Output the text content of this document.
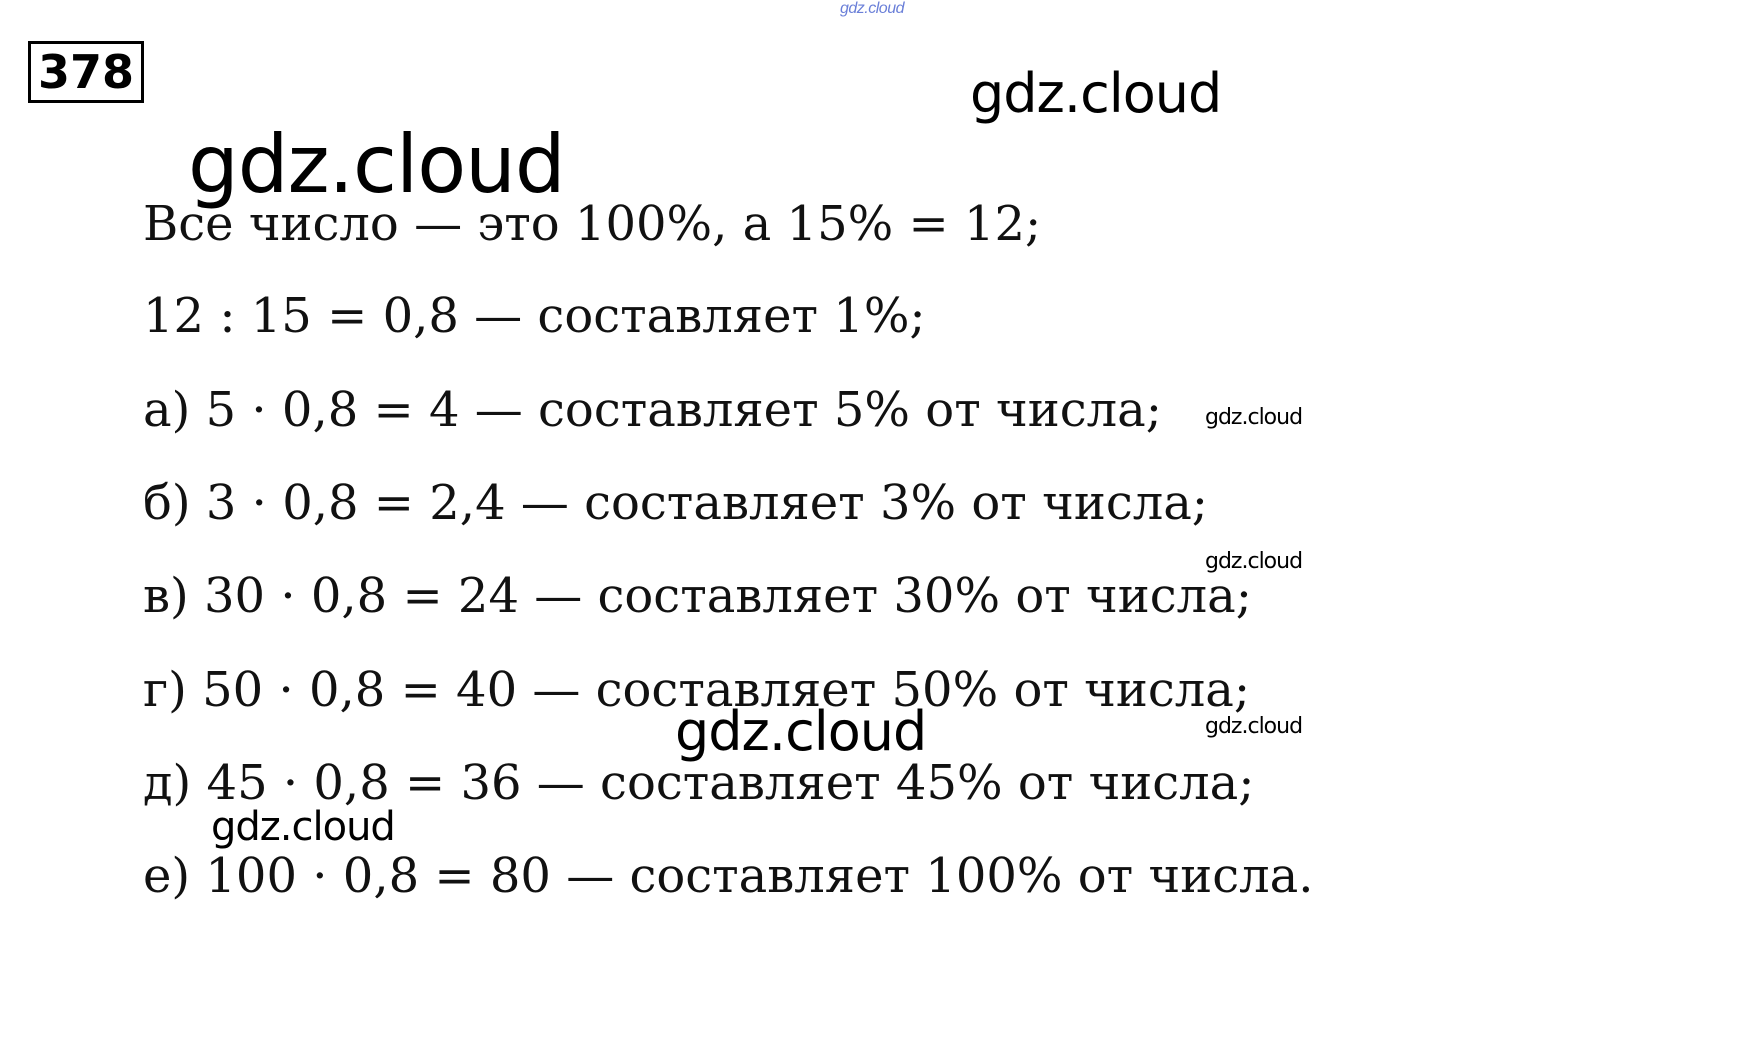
gdz.cloud
378
Все число — это 100%, а 15% = 12;
12 : 15 = 0,8 — составляет 1%;
а) 5 · 0,8 = 4 — составляет 5% от числа;
б) 3 · 0,8 = 2,4 — составляет 3% от числа;
в) 30 · 0,8 = 24 — составляет 30% от числа;
г) 50 · 0,8 = 40 — составляет 50% от числа;
д) 45 · 0,8 = 36 — составляет 45% от числа;
е) 100 · 0,8 = 80 — составляет 100% от числа.
gdz.cloud
gdz.cloud
gdz.cloud
gdz.cloud
gdz.cloud	gdz.cloud
gdz.cloud
